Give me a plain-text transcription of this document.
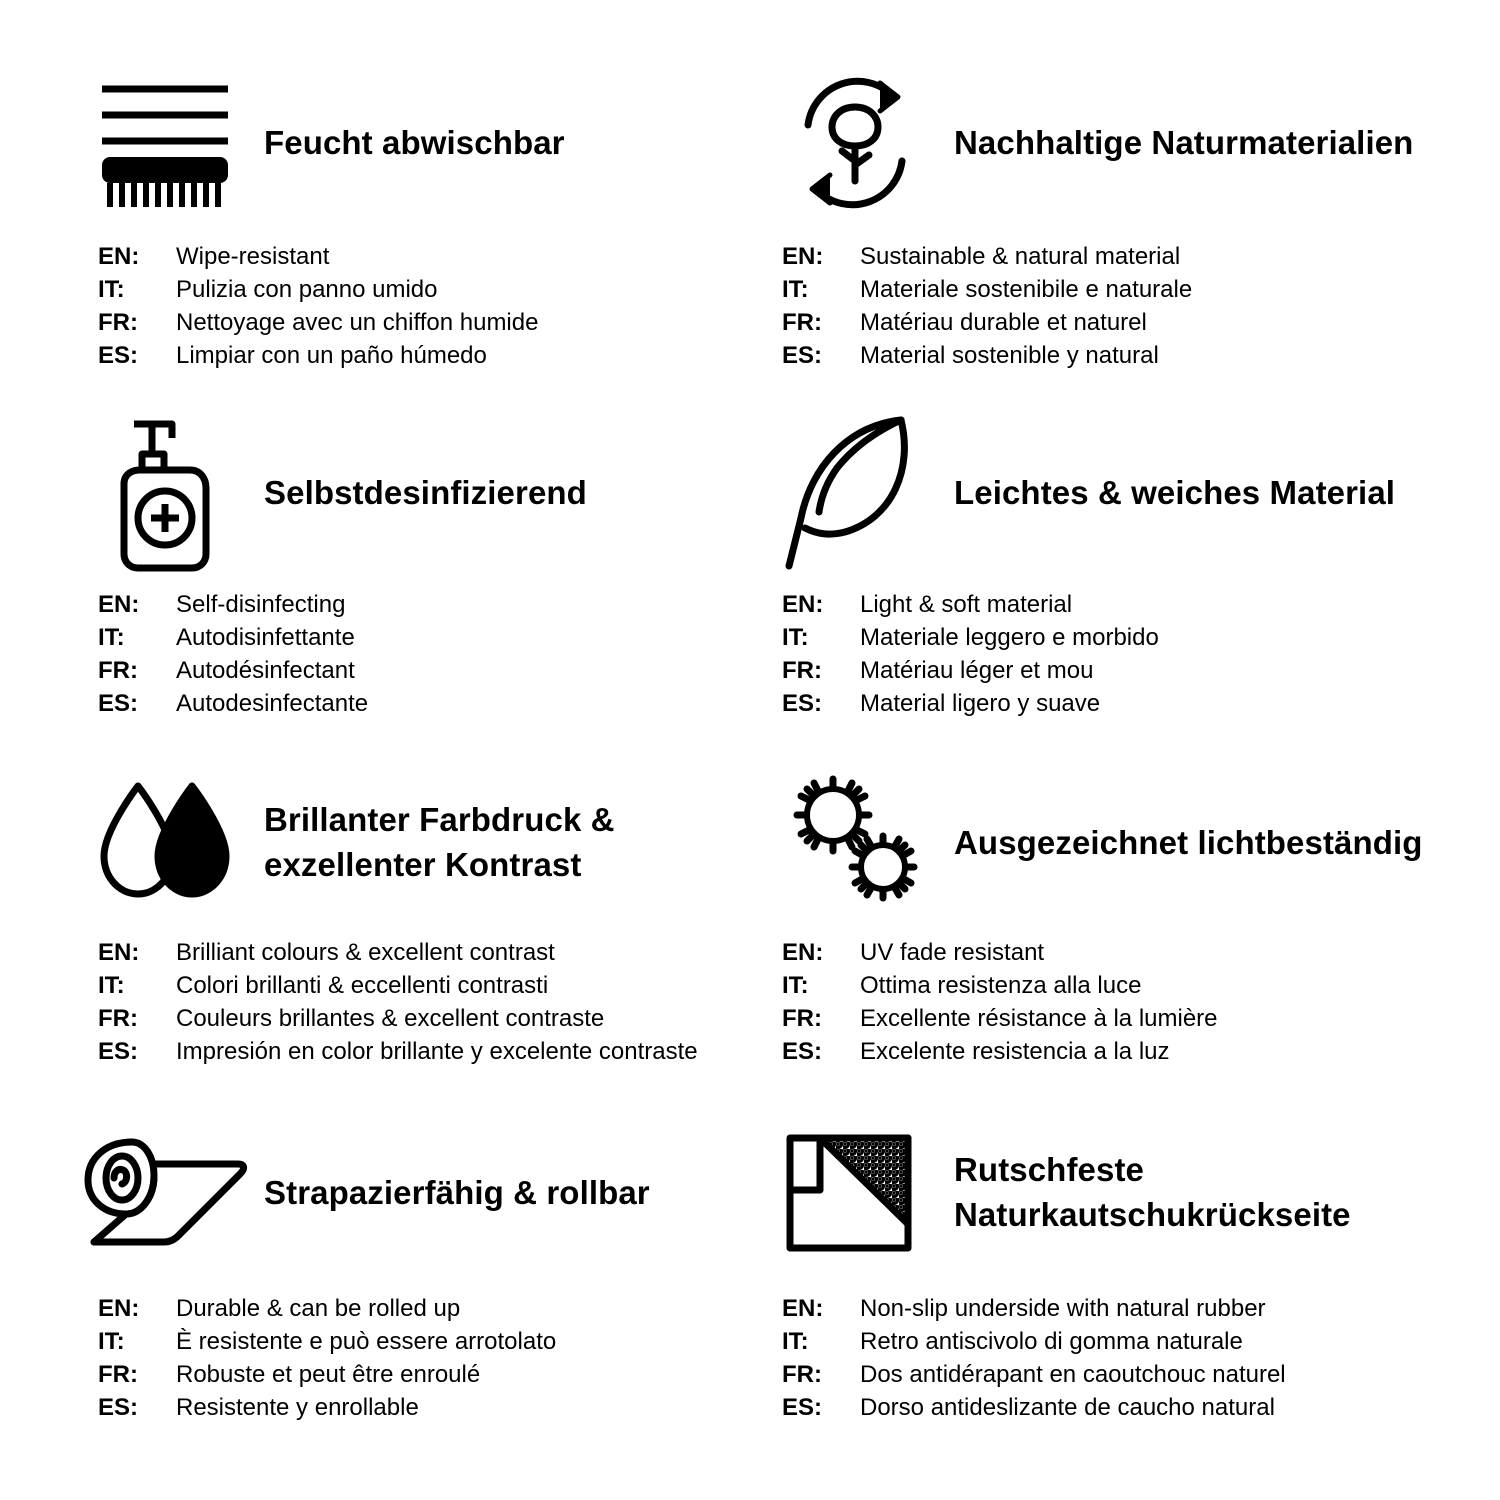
Feucht abwischbar
EN:	Wipe-resistant
IT:	Pulizia con panno umido
FR:	Nettoyage avec un chiffon humide
ES:	Limpiar con un paño húmedo
Nachhaltige Naturmaterialien
EN:	Sustainable & natural material
IT:	Materiale sostenibile e naturale
FR:	Matériau durable et naturel
ES:	Material sostenible y natural
Selbstdesinfizierend
EN:	Self-disinfecting
IT:	Autodisinfettante
FR:	Autodésinfectant
ES:	Autodesinfectante
Leichtes & weiches Material
EN:	Light & soft material
IT:	Materiale leggero e morbido
FR:	Matériau léger et mou
ES:	Material ligero y suave
Brillanter Farbdruck & exzellenter Kontrast
EN:	Brilliant colours & excellent contrast
IT:	Colori brillanti & eccellenti contrasti
FR:	Couleurs brillantes & excellent contraste
ES:	Impresión en color brillante y excelente contraste
Ausgezeichnet lichtbeständig
EN:	UV fade resistant
IT:	Ottima resistenza alla luce
FR:	Excellente résistance à la lumière
ES:	Excelente resistencia a la luz
Strapazierfähig & rollbar
EN:	Durable & can be rolled up
IT:	È resistente e può essere arrotolato
FR:	Robuste et peut être enroulé
ES:	Resistente y enrollable
Rutschfeste Naturkautschukrückseite
EN:	Non-slip underside with natural rubber
IT:	Retro antiscivolo di gomma naturale
FR:	Dos antidérapant en caoutchouc naturel
ES:	Dorso antideslizante de caucho natural
